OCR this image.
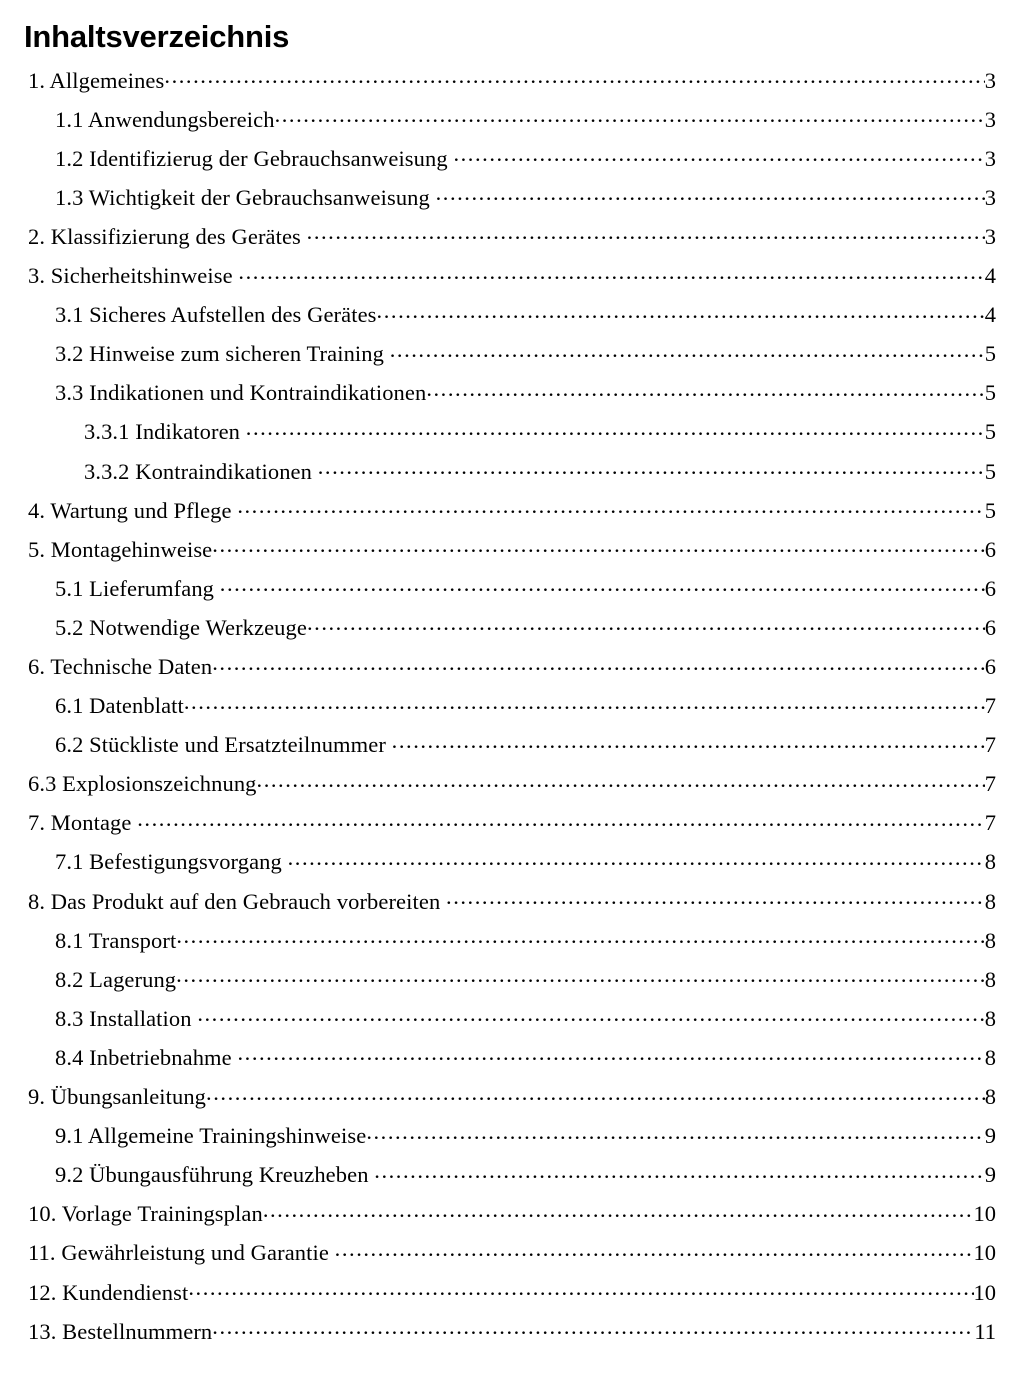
Inhaltsverzeichnis
1. Allgemeines .....	3
1.1 Anwendungsbereich .....	3
1.2 Identifizierug der Gebrauchsanweisung .....	3
1.3 Wichtigkeit der Gebrauchsanweisung .....	3
2. Klassifizierung des Gerätes .....	3
3. Sicherheitshinweise .....	4
3.1 Sicheres Aufstellen des Gerätes .....	4
3.2 Hinweise zum sicheren Training .....	5
3.3 Indikationen und Kontraindikationen .....	5
3.3.1 Indikatoren .....	5
3.3.2 Kontraindikationen .....	5
4. Wartung und Pflege .....	5
5. Montagehinweise .....	6
5.1 Lieferumfang .....	6
5.2 Notwendige Werkzeuge .....	6
6. Technische Daten .....	6
6.1 Datenblatt .....	7
6.2 Stückliste und Ersatzteilnummer .....	7
6.3 Explosionszeichnung .....	7
7. Montage .....	7
7.1 Befestigungsvorgang .....	8
8. Das Produkt auf den Gebrauch vorbereiten .....	8
8.1 Transport .....	8
8.2 Lagerung .....	8
8.3 Installation .....	8
8.4 Inbetriebnahme .....	8
9. Übungsanleitung .....	8
9.1 Allgemeine Trainingshinweise .....	9
9.2 Übungausführung Kreuzheben .....	9
10. Vorlage Trainingsplan .....	10
11. Gewährleistung und Garantie .....	10
12. Kundendienst .....	10
13. Bestellnummern .....	11
